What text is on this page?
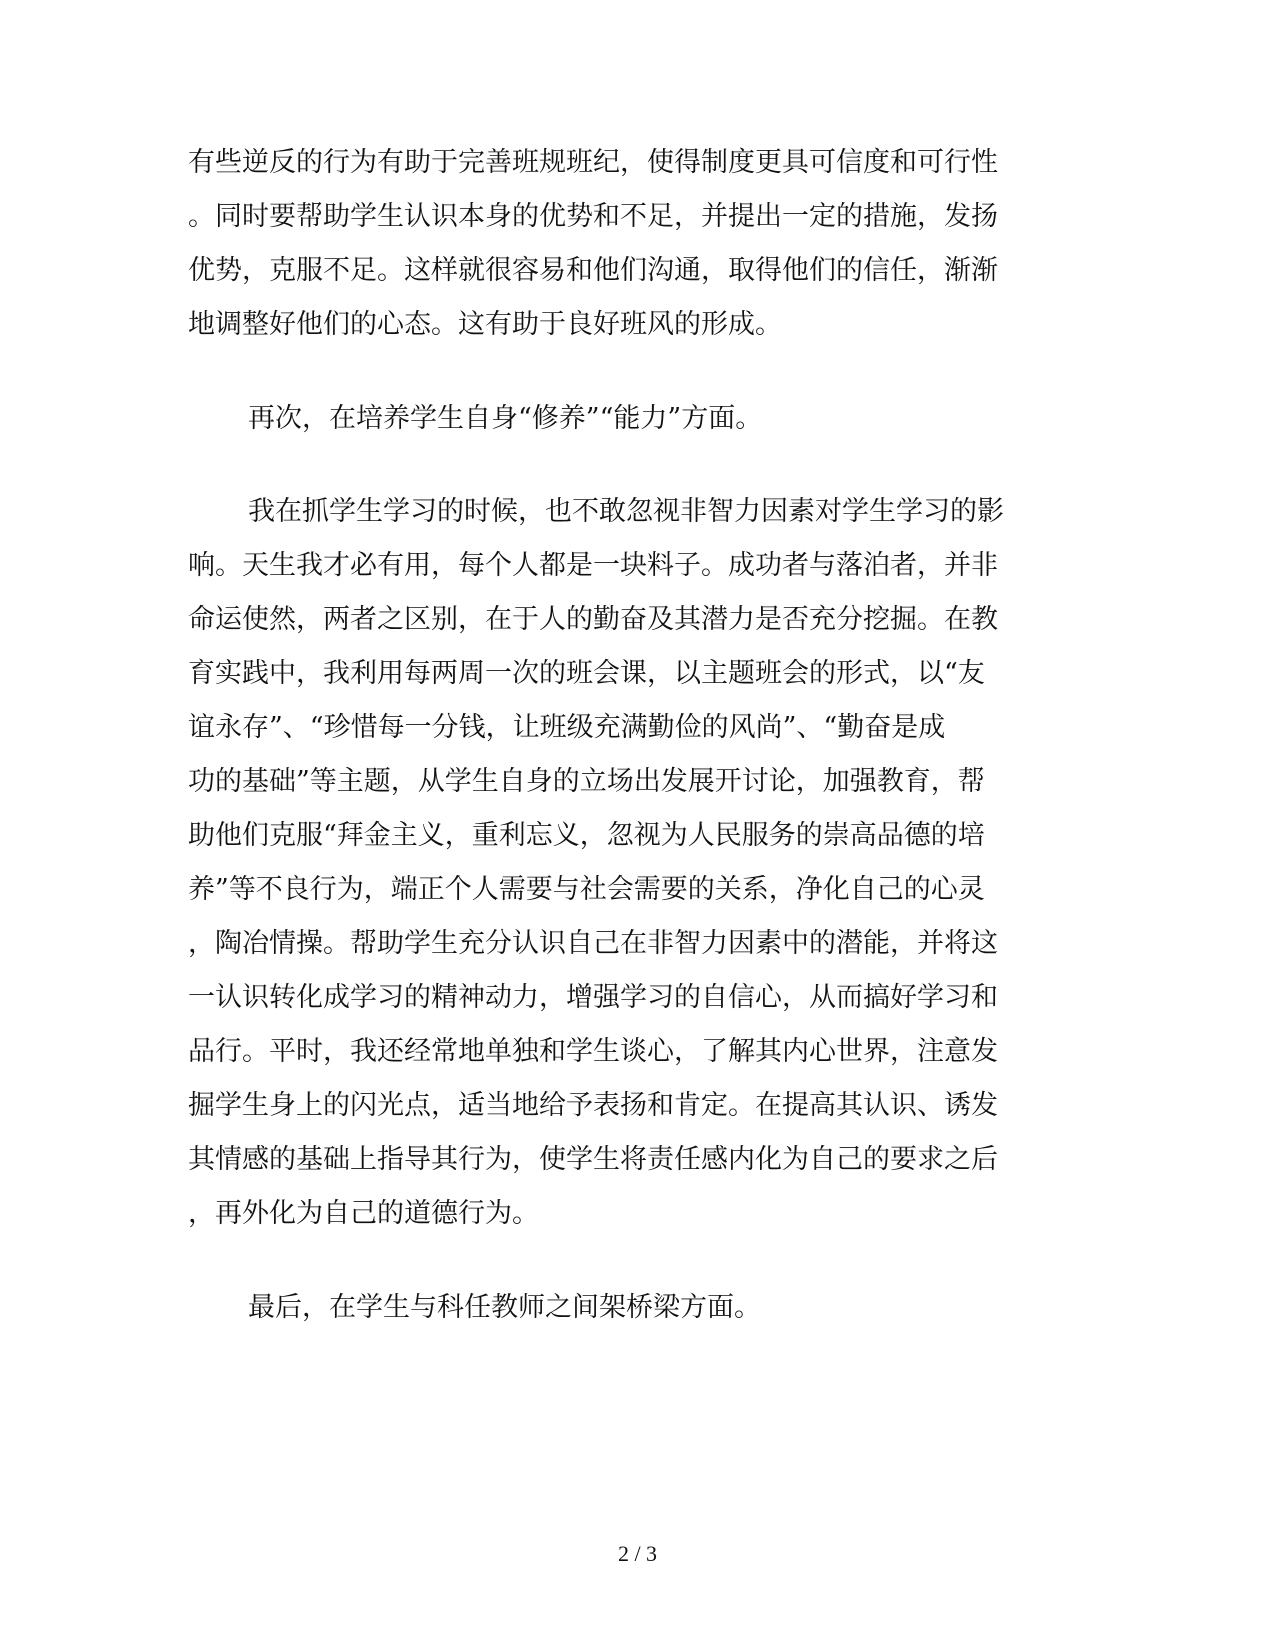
有些逆反的行为有助于完善班规班纪，使得制度更具可信度和可行性
。同时要帮助学生认识本身的优势和不足，并提出一定的措施，发扬
优势，克服不足。这样就很容易和他们沟通，取得他们的信任，渐渐
地调整好他们的心态。这有助于良好班风的形成。
再次，在培养学生自身“修养”“能力”方面。
我在抓学生学习的时候，也不敢忽视非智力因素对学生学习的影
响。天生我才必有用，每个人都是一块料子。成功者与落泊者，并非
命运使然，两者之区别，在于人的勤奋及其潜力是否充分挖掘。在教
育实践中，我利用每两周一次的班会课，以主题班会的形式，以“友
谊永存”、“珍惜每一分钱，让班级充满勤俭的风尚”、“勤奋是成
功的基础”等主题，从学生自身的立场出发展开讨论，加强教育，帮
助他们克服“拜金主义，重利忘义，忽视为人民服务的崇高品德的培
养”等不良行为，端正个人需要与社会需要的关系，净化自己的心灵
，陶冶情操。帮助学生充分认识自己在非智力因素中的潜能，并将这
一认识转化成学习的精神动力，增强学习的自信心，从而搞好学习和
品行。平时，我还经常地单独和学生谈心，了解其内心世界，注意发
掘学生身上的闪光点，适当地给予表扬和肯定。在提高其认识、诱发
其情感的基础上指导其行为，使学生将责任感内化为自己的要求之后
，再外化为自己的道德行为。
最后，在学生与科任教师之间架桥梁方面。
2 / 3
